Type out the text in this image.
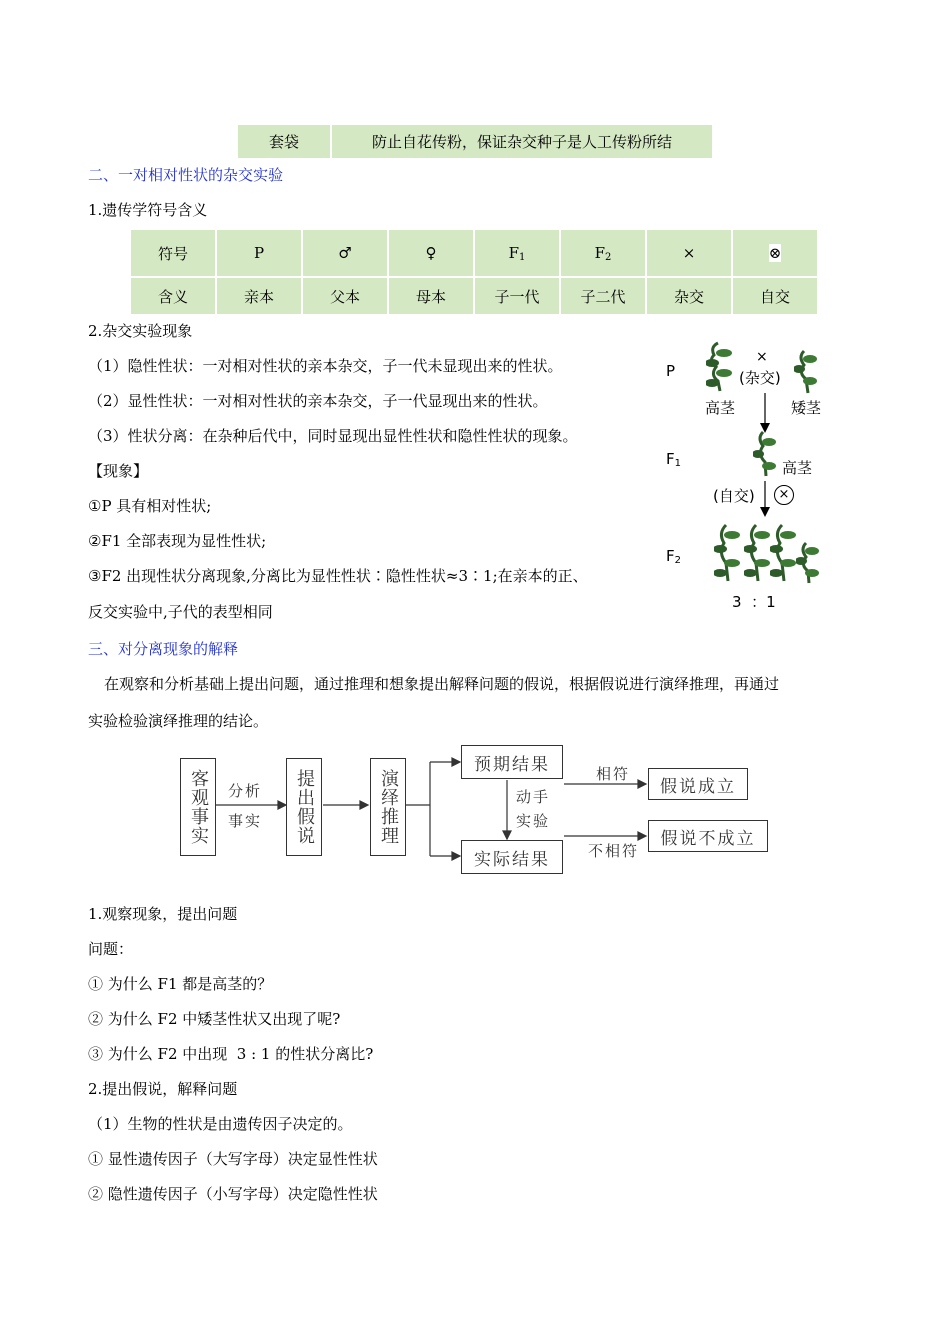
套袋	防止自花传粉，保证杂交种子是人工传粉所结
二、一对相对性状的杂交实验
1.遗传学符号含义
符号	P	♂	♀	$F_1$	$F_2$	×	⊗
含义	亲本	父本	母本	子一代	子二代	杂交	自交
2.杂交实验现象
（1）隐性性状：一对相对性状的亲本杂交，子一代未显现出来的性状。
（2）显性性状：一对相对性状的亲本杂交，子一代显现出来的性状。
（3）性状分离：在杂种后代中，同时显现出显性性状和隐性性状的现象。
【现象】
①P 具有相对性状;
②F1 全部表现为显性性状;
③F2 出现性状分离现象,分离比为显性性状∶隐性性状≈3∶1;在亲本的正、
反交实验中,子代的表型相同
P
$F_1$
$F_2$
×
(杂交)
高茎	矮茎
高茎
(自交)	×
3  ：1
三、对分离现象的解释
在观察和分析基础上提出问题，通过推理和想象提出解释问题的假说，根据假说进行演绎推理，再通过
实验检验演绎推理的结论。
客观事实	分析
事实	提出假说	演绎推理
预期结果
实际结果
动手
实验
相符
不相符
假说成立
假说不成立
1.观察现象，提出问题
问题：
① 为什么 F1 都是高茎的？
② 为什么 F2 中矮茎性状又出现了呢?
③ 为什么 F2 中出现  3 : 1 的性状分离比?
2.提出假说，解释问题
（1）生物的性状是由遗传因子决定的。
① 显性遗传因子（大写字母）决定显性性状
② 隐性遗传因子（小写字母）决定隐性性状
